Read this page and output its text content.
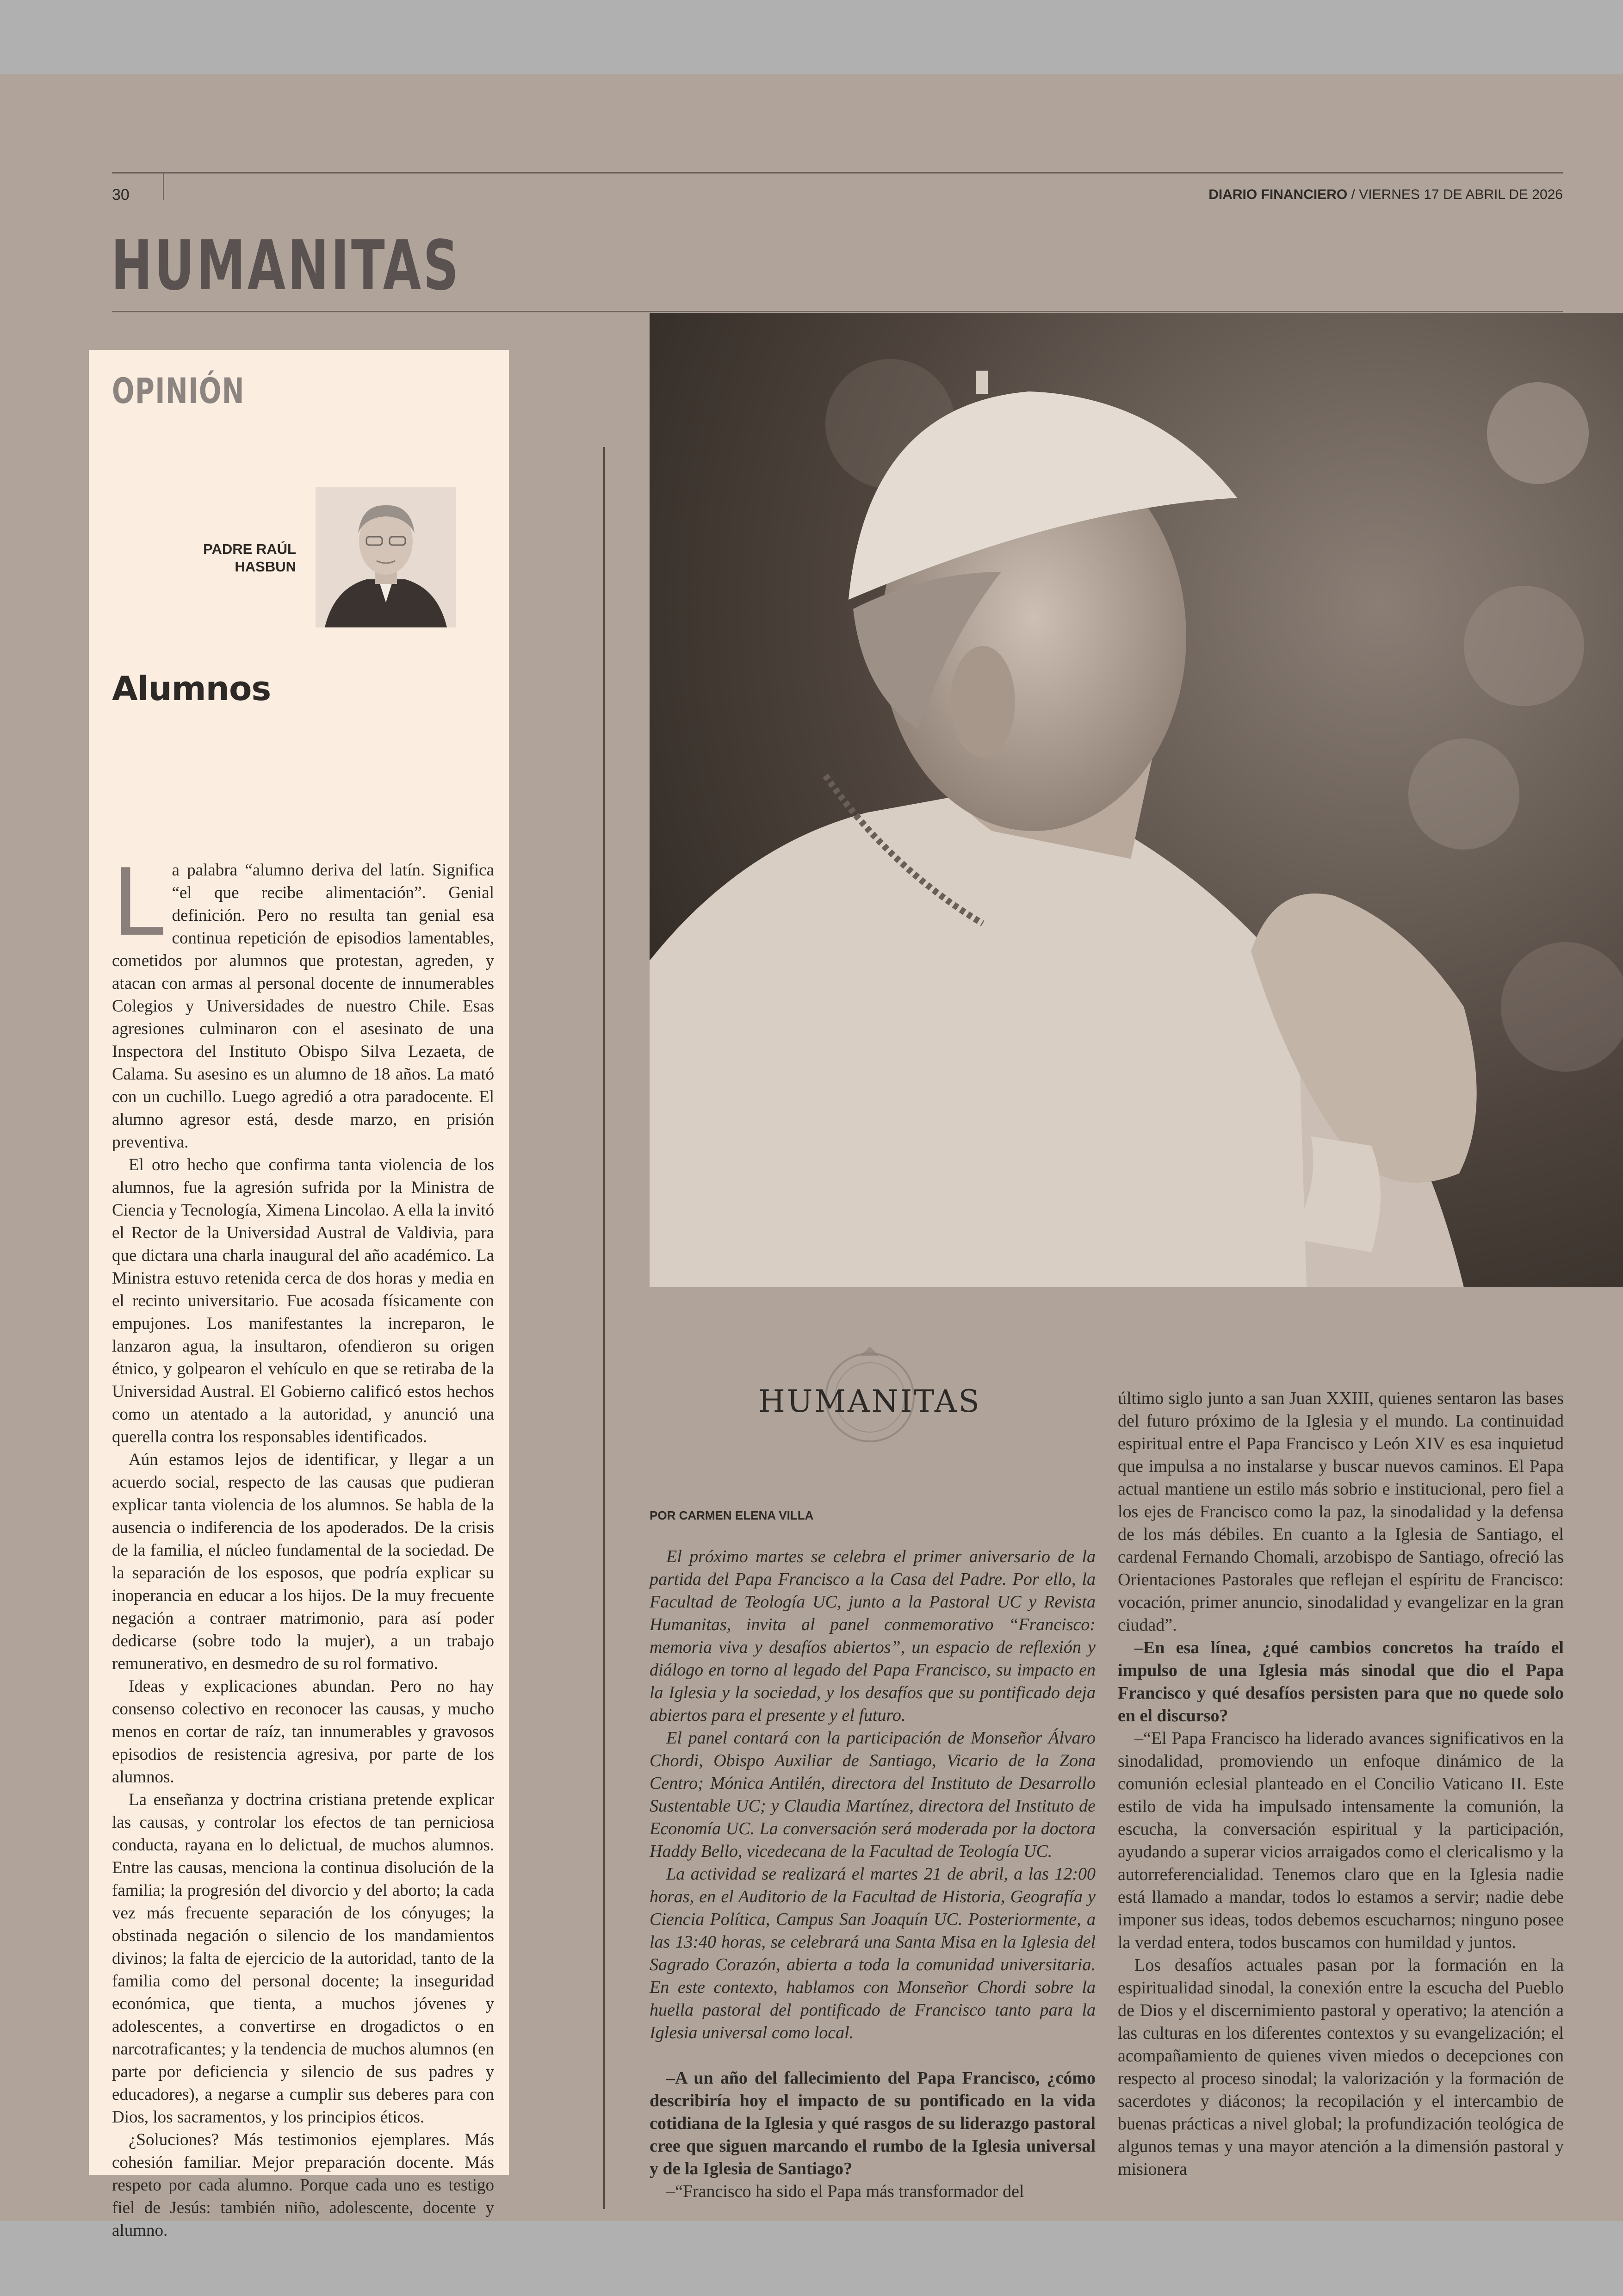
30	DIARIO FINANCIERO / VIERNES 17 DE ABRIL DE 2026
HUMANITAS
OPINIÓN
PADRE RAÚL
HASBUN
Alumnos

La palabra “alumno deriva del latín. Significa “el que recibe alimentación”. Genial definición. Pero no resulta tan genial esa continua repetición de episodios lamentables, cometidos por alumnos que protestan, agreden, y atacan con armas al personal docente de innumerables Colegios y Universidades de nuestro Chile. Esas agresiones culminaron con el asesinato de una Inspectora del Instituto Obispo Silva Lezaeta, de Calama. Su asesino es un alumno de 18 años. La mató con un cuchillo. Luego agredió a otra paradocente. El alumno agresor está, desde marzo, en prisión preventiva.

El otro hecho que confirma tanta violencia de los alumnos, fue la agresión sufrida por la Ministra de Ciencia y Tecnología, Ximena Lincolao. A ella la invitó el Rector de la Universidad Austral de Valdivia, para que dictara una charla inaugural del año académico. La Ministra estuvo retenida cerca de dos horas y media en el recinto universitario. Fue acosada físicamente con empujones. Los manifestantes la increparon, le lanzaron agua, la insultaron, ofendieron su origen étnico, y golpearon el vehículo en que se retiraba de la Universidad Austral. El Gobierno calificó estos hechos como un atentado a la autoridad, y anunció una querella contra los responsables identificados.

Aún estamos lejos de identificar, y llegar a un acuerdo social, respecto de las causas que pudieran explicar tanta violencia de los alumnos. Se habla de la ausencia o indiferencia de los apoderados. De la crisis de la familia, el núcleo fundamental de la sociedad. De la separación de los esposos, que podría explicar su inoperancia en educar a los hijos. De la muy frecuente negación a contraer matrimonio, para así poder dedicarse (sobre todo la mujer), a un trabajo remunerativo, en desmedro de su rol formativo.

Ideas y explicaciones abundan. Pero no hay consenso colectivo en reconocer las causas, y mucho menos en cortar de raíz, tan innumerables y gravosos episodios de resistencia agresiva, por parte de los alumnos.

La enseñanza y doctrina cristiana pretende explicar las causas, y controlar los efectos de tan perniciosa conducta, rayana en lo delictual, de muchos alumnos. Entre las causas, menciona la continua disolución de la familia; la progresión del divorcio y del aborto; la cada vez más frecuente separación de los cónyuges; la obstinada negación o silencio de los mandamientos divinos; la falta de ejercicio de la autoridad, tanto de la familia como del personal docente; la inseguridad económica, que tienta, a muchos jóvenes y adolescentes, a convertirse en drogadictos o en narcotraficantes; y la tendencia de muchos alumnos (en parte por deficiencia y silencio de sus padres y educadores), a negarse a cumplir sus deberes para con Dios, los sacramentos, y los principios éticos.

¿Soluciones? Más testimonios ejemplares. Más cohesión familiar. Mejor preparación docente. Más respeto por cada alumno. Porque cada uno es testigo fiel de Jesús: también niño, adolescente, docente y alumno.

HUMANITAS
POR CARMEN ELENA VILLA

El próximo martes se celebra el primer aniversario de la partida del Papa Francisco a la Casa del Padre. Por ello, la Facultad de Teología UC, junto a la Pastoral UC y Revista Humanitas, invita al panel conmemorativo “Francisco: memoria viva y desafíos abiertos”, un espacio de reflexión y diálogo en torno al legado del Papa Francisco, su impacto en la Iglesia y la sociedad, y los desafíos que su pontificado deja abiertos para el presente y el futuro.

El panel contará con la participación de Monseñor Álvaro Chordi, Obispo Auxiliar de Santiago, Vicario de la Zona Centro; Mónica Antilén, directora del Instituto de Desarrollo Sustentable UC; y Claudia Martínez, directora del Instituto de Economía UC. La conversación será moderada por la doctora Haddy Bello, vicedecana de la Facultad de Teología UC.

La actividad se realizará el martes 21 de abril, a las 12:00 horas, en el Auditorio de la Facultad de Historia, Geografía y Ciencia Política, Campus San Joaquín UC. Posteriormente, a las 13:40 horas, se celebrará una Santa Misa en la Iglesia del Sagrado Corazón, abierta a toda la comunidad universitaria. En este contexto, hablamos con Monseñor Chordi sobre la huella pastoral del pontificado de Francisco tanto para la Iglesia universal como local.

–A un año del fallecimiento del Papa Francisco, ¿cómo describiría hoy el impacto de su pontificado en la vida cotidiana de la Iglesia y qué rasgos de su liderazgo pastoral cree que siguen marcando el rumbo de la Iglesia universal y de la Iglesia de Santiago?

–“Francisco ha sido el Papa más transformador del

último siglo junto a san Juan XXIII, quienes sentaron las bases del futuro próximo de la Iglesia y el mundo. La continuidad espiritual entre el Papa Francisco y León XIV es esa inquietud que impulsa a no instalarse y buscar nuevos caminos. El Papa actual mantiene un estilo más sobrio e institucional, pero fiel a los ejes de Francisco como la paz, la sinodalidad y la defensa de los más débiles. En cuanto a la Iglesia de Santiago, el cardenal Fernando Chomali, arzobispo de Santiago, ofreció las Orientaciones Pastorales que reflejan el espíritu de Francisco: vocación, primer anuncio, sinodalidad y evangelizar en la gran ciudad”.

–En esa línea, ¿qué cambios concretos ha traído el impulso de una Iglesia más sinodal que dio el Papa Francisco y qué desafíos persisten para que no quede solo en el discurso?

–“El Papa Francisco ha liderado avances significativos en la sinodalidad, promoviendo un enfoque dinámico de la comunión eclesial planteado en el Concilio Vaticano II. Este estilo de vida ha impulsado intensamente la comunión, la escucha, la conversación espiritual y la participación, ayudando a superar vicios arraigados como el clericalismo y la autorreferencialidad. Tenemos claro que en la Iglesia nadie está llamado a mandar, todos lo estamos a servir; nadie debe imponer sus ideas, todos debemos escucharnos; ninguno posee la verdad entera, todos buscamos con humildad y juntos.

Los desafíos actuales pasan por la formación en la espiritualidad sinodal, la conexión entre la escucha del Pueblo de Dios y el discernimiento pastoral y operativo; la atención a las culturas en los diferentes contextos y su evangelización; el acompañamiento de quienes viven miedos o decepciones con respecto al proceso sinodal; la valorización y la formación de sacerdotes y diáconos; la recopilación y el intercambio de buenas prácticas a nivel global; la profundización teológica de algunos temas y una mayor atención a la dimensión pastoral y misionera
